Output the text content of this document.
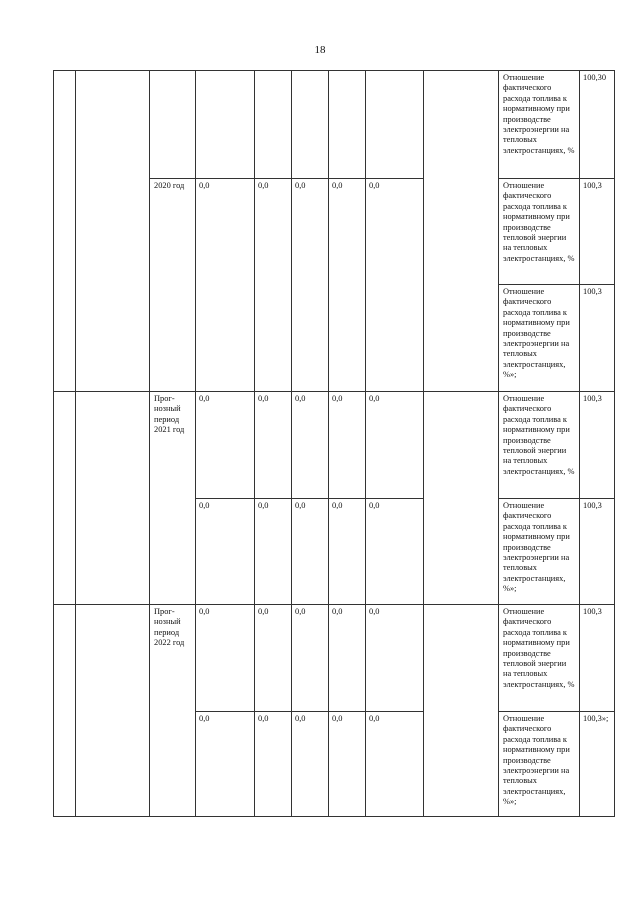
18
									Отношение фактического расхода топлива к нормативному при производстве электроэнергии на тепловых электростанциях, %	100,30
		2020 год	0,0	0,0	0,0	0,0	0,0		Отношение фактического расхода топлива к нормативному при производстве тепловой энергии на тепловых электростанциях, %	100,3
									Отношение фактического расхода топлива к нормативному при производстве электроэнергии на тепловых электростанциях, %»;	100,3
		Прог-нозный период 2021 год	0,0	0,0	0,0	0,0	0,0		Отношение фактического расхода топлива к нормативному при производстве тепловой энергии на тепловых электростанциях, %	100,3
			0,0	0,0	0,0	0,0	0,0		Отношение фактического расхода топлива к нормативному при производстве электроэнергии на тепловых электростанциях, %»;	100,3
		Прог-нозный период 2022 год	0,0	0,0	0,0	0,0	0,0		Отношение фактического расхода топлива к нормативному при производстве тепловой энергии на тепловых электростанциях, %	100,3
			0,0	0,0	0,0	0,0	0,0		Отношение фактического расхода топлива к нормативному при производстве электроэнергии на тепловых электростанциях, %»;	100,3»;
